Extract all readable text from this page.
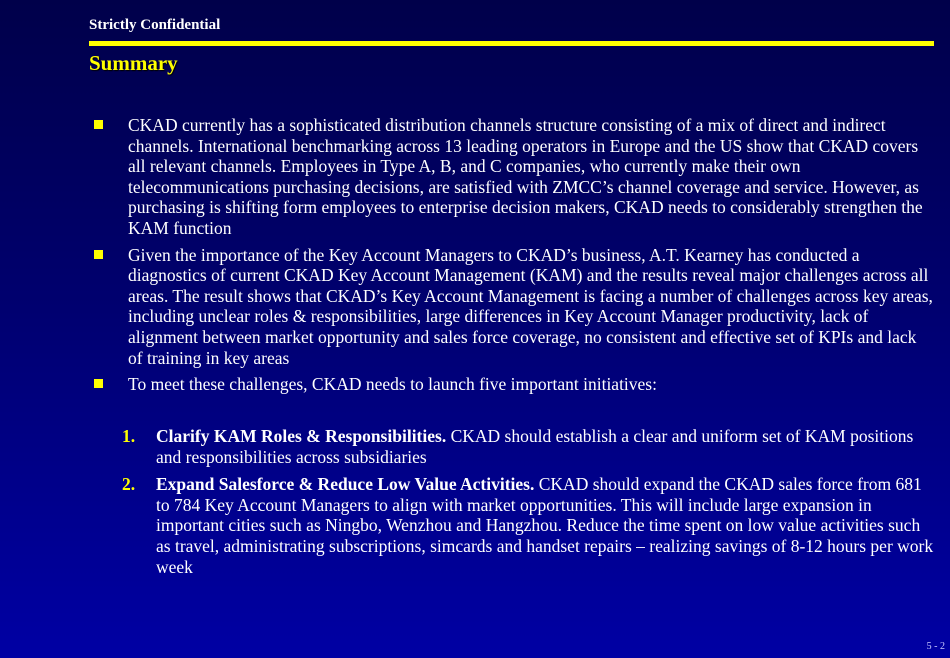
Strictly Confidential
Summary
CKAD currently has a sophisticated distribution channels structure consisting of a mix of direct and indirect channels. International benchmarking across 13 leading operators in Europe and the US show that CKAD covers all relevant channels. Employees in Type A, B, and C companies, who currently make their own telecommunications purchasing decisions, are satisfied with ZMCC’s channel coverage and service. However, as purchasing is shifting form employees to enterprise decision makers, CKAD needs to considerably strengthen the KAM function
Given the importance of the Key Account Managers to CKAD’s business, A.T. Kearney has conducted a diagnostics of current CKAD Key Account Management (KAM) and the results reveal major challenges across all areas. The result shows that CKAD’s Key Account Management is facing a number of challenges across key areas, including unclear roles & responsibilities, large differences in Key Account Manager productivity, lack of alignment between market opportunity and sales force coverage, no consistent and effective set of KPIs and lack of training in key areas
To meet these challenges, CKAD needs to launch five important initiatives:
1.	Clarify KAM Roles & Responsibilities. CKAD should establish a clear and uniform set of KAM positions and responsibilities across subsidiaries
2.	Expand Salesforce & Reduce Low Value Activities. CKAD should expand the CKAD sales force from 681 to 784 Key Account Managers to align with market opportunities. This will include large expansion in important cities such as Ningbo, Wenzhou and Hangzhou. Reduce the time spent on low value activities such as travel, administrating subscriptions, simcards and handset repairs – realizing savings of 8-12 hours per work week
5 - 2
